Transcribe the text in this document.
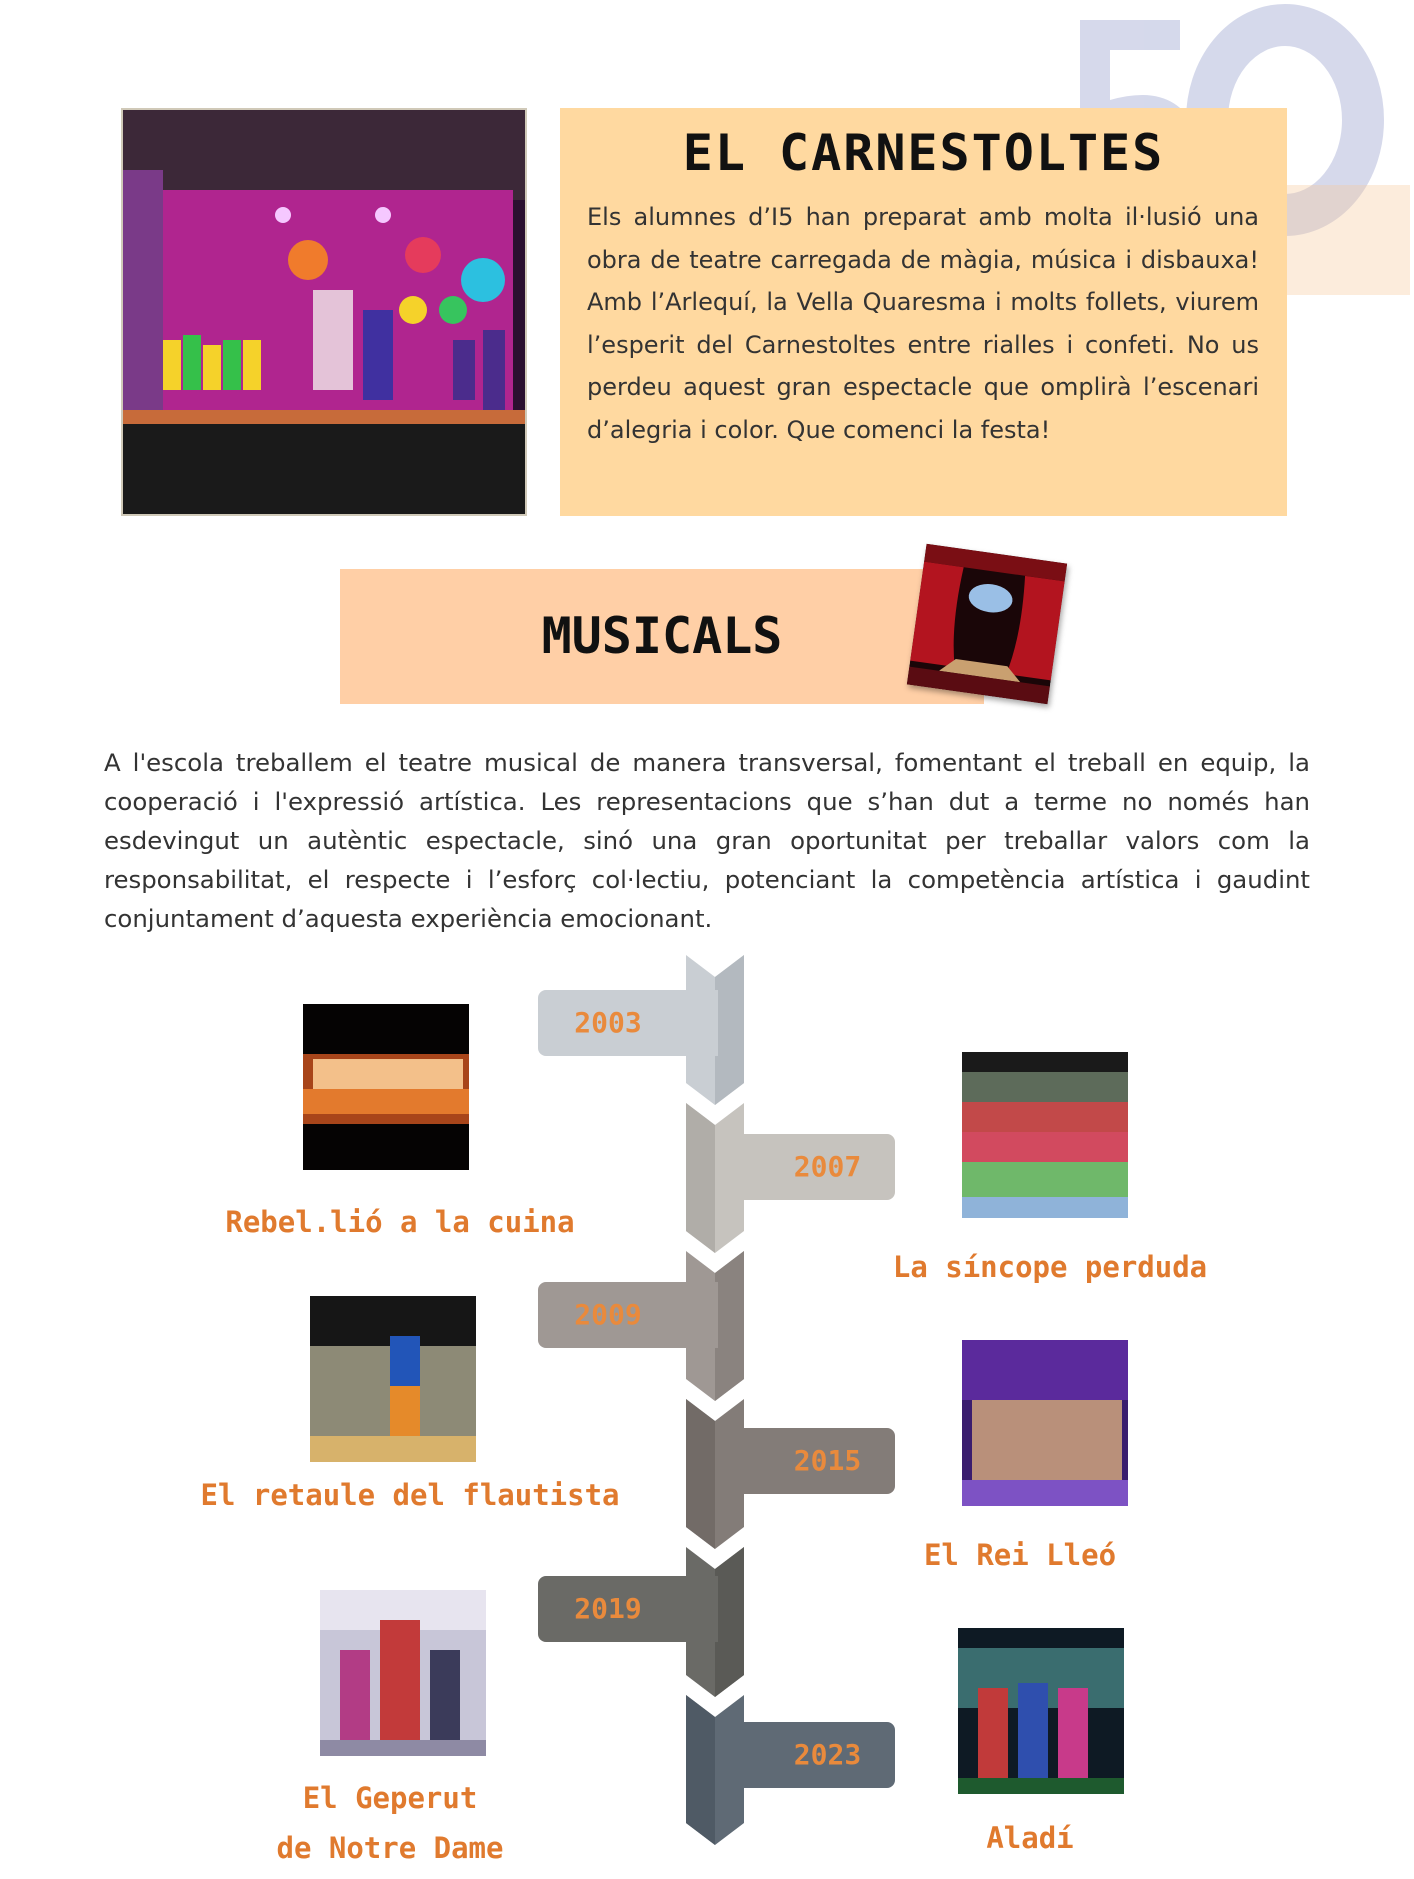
EL CARNESTOLTES
Els alumnes d’I5 han preparat amb molta il·lusió una obra de teatre carregada de màgia, música i disbauxa! Amb l’Arlequí, la Vella Quaresma i molts follets, viurem l’esperit del Carnestoltes entre rialles i confeti. No us perdeu aquest gran espectacle que omplirà l’escenari d’alegria i color. Que comenci la festa!
MUSICALS
A l'escola treballem el teatre musical de manera transversal, fomentant el treball en equip, la cooperació i l'expressió artística. Les representacions que s’han dut a terme no només han esdevingut un autèntic espectacle, sinó una gran oportunitat per treballar valors com la responsabilitat, el respecte i l’esforç col·lectiu, potenciant la competència artística i gaudint conjuntament d’aquesta experiència emocionant.
2003
2007
2009
2015
2019
2023
Rebel.lió a la cuina
La síncope perduda
El retaule del flautista
El Rei Lleó
El Geperut
de Notre Dame	Aladí
